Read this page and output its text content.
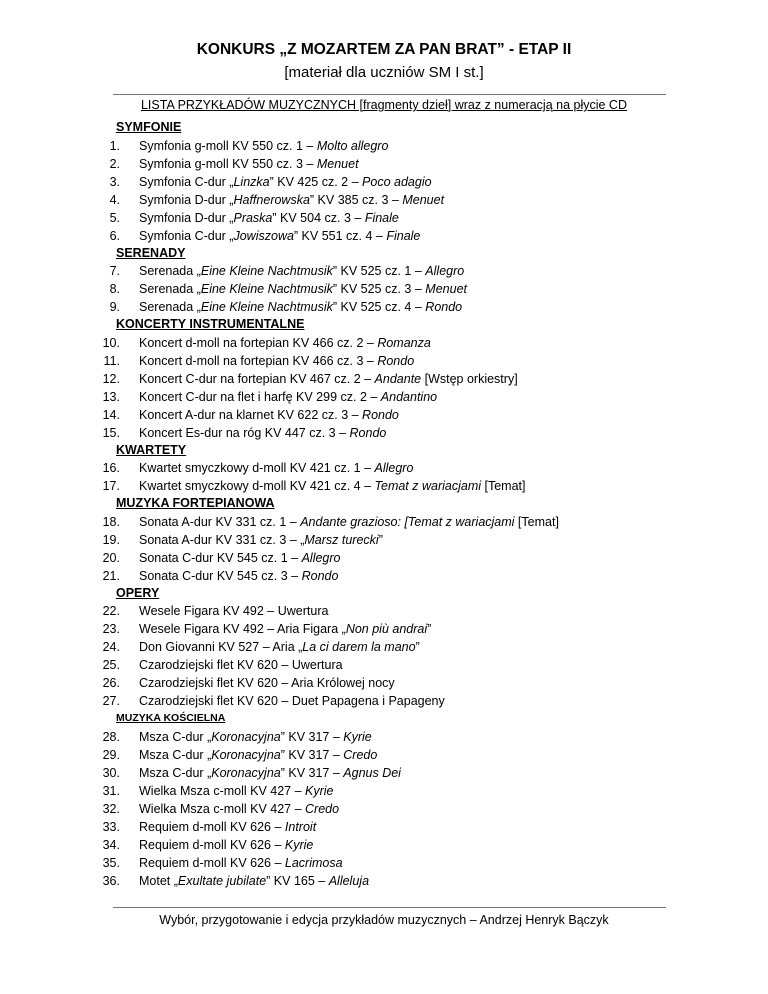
KONKURS „Z MOZARTEM ZA PAN BRAT” - ETAP II
[materiał dla uczniów SM I st.]
LISTA PRZYKŁADÓW MUZYCZNYCH [fragmenty dzieł] wraz z numeracją na płycie CD
SYMFONIE
1. Symfonia g-moll KV 550 cz. 1 – Molto allegro
2. Symfonia g-moll KV 550 cz. 3 – Menuet
3. Symfonia C-dur „Linzka” KV 425 cz. 2 – Poco adagio
4. Symfonia D-dur „Haffnerowska” KV 385 cz. 3 – Menuet
5. Symfonia D-dur „Praska” KV 504 cz. 3 – Finale
6. Symfonia C-dur „Jowiszowa” KV 551 cz. 4 – Finale
SERENADY
7. Serenada „Eine Kleine Nachtmusik” KV 525 cz. 1 – Allegro
8. Serenada „Eine Kleine Nachtmusik” KV 525 cz. 3 – Menuet
9. Serenada „Eine Kleine Nachtmusik” KV 525 cz. 4 – Rondo
KONCERTY INSTRUMENTALNE
10. Koncert d-moll na fortepian KV 466 cz. 2 – Romanza
11. Koncert d-moll na fortepian KV 466 cz. 3 – Rondo
12. Koncert C-dur na fortepian KV 467 cz. 2 – Andante [Wstęp orkiestry]
13. Koncert C-dur na flet i harfę KV 299 cz. 2 – Andantino
14. Koncert A-dur na klarnet KV 622 cz. 3 – Rondo
15. Koncert Es-dur na róg KV 447 cz. 3 – Rondo
KWARTETY
16. Kwartet smyczkowy d-moll KV 421 cz. 1 – Allegro
17. Kwartet smyczkowy d-moll KV 421 cz. 4 – Temat z wariacjami [Temat]
MUZYKA FORTEPIANOWA
18. Sonata A-dur KV 331 cz. 1 – Andante grazioso: [Temat z wariacjami [Temat]
19. Sonata A-dur KV 331 cz. 3 – „Marsz turecki”
20. Sonata C-dur KV 545 cz. 1 – Allegro
21. Sonata C-dur KV 545 cz. 3 – Rondo
OPERY
22. Wesele Figara KV 492 – Uwertura
23. Wesele Figara KV 492 – Aria Figara „Non più andrai”
24. Don Giovanni KV 527 – Aria „La ci darem la mano”
25. Czarodziejski flet KV 620 – Uwertura
26. Czarodziejski flet KV 620 – Aria Królowej nocy
27. Czarodziejski flet KV 620 – Duet Papagena i Papageny
MUZYKA KOŚCIELNA
28. Msza C-dur „Koronacyjna” KV 317 – Kyrie
29. Msza C-dur „Koronacyjna” KV 317 – Credo
30. Msza C-dur „Koronacyjna” KV 317 – Agnus Dei
31. Wielka Msza c-moll KV 427 – Kyrie
32. Wielka Msza c-moll KV 427 – Credo
33. Requiem d-moll KV 626 – Introit
34. Requiem d-moll KV 626 – Kyrie
35. Requiem d-moll KV 626 – Lacrimosa
36. Motet „Exultate jubilate” KV 165 – Alleluja
Wybór, przygotowanie i edycja przykładów muzycznych – Andrzej Henryk Bączyk
